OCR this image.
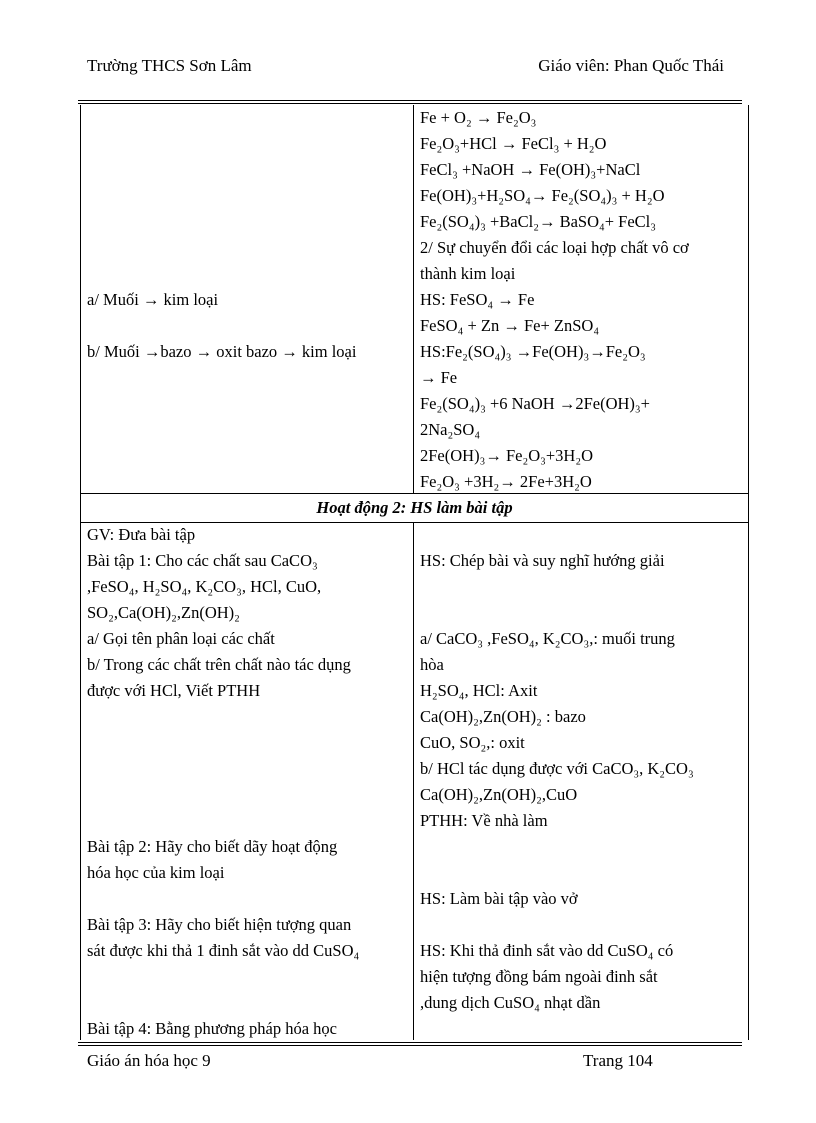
Trường THCS Sơn Lâm	Giáo viên: Phan Quốc Thái
Fe + O₂ → Fe₂O₃
Fe₂O₃+HCl → FeCl₃ + H₂O
FeCl₃ +NaOH → Fe(OH)₃+NaCl
Fe(OH)₃+H₂SO₄→ Fe₂(SO₄)₃ + H₂O
Fe₂(SO₄)₃ +BaCl₂→ BaSO₄+ FeCl₃
2/ Sự chuyển đổi các loại hợp chất vô cơ
thành kim loại
HS: FeSO₄ → Fe
FeSO₄ + Zn → Fe+ ZnSO₄
HS:Fe₂(SO₄)₃ →Fe(OH)₃→Fe₂O₃
→ Fe
Fe₂(SO₄)₃ +6 NaOH →2Fe(OH)₃+
2Na₂SO₄
2Fe(OH)₃→ Fe₂O₃+3H₂O
Fe₂O₃ +3H₂→ 2Fe+3H₂O
a/ Muối → kim loại
b/ Muối →bazo → oxit bazo → kim loại
Hoạt động 2: HS làm bài tập
GV: Đưa bài tập
Bài tập 1: Cho các chất sau CaCO₃
,FeSO₄, H₂SO₄, K₂CO₃, HCl, CuO,
SO₂,Ca(OH)₂,Zn(OH)₂
a/ Gọi tên phân loại các chất
b/ Trong các chất trên chất nào tác dụng
được với HCl, Viết PTHH
Bài tập 2: Hãy cho biết dãy hoạt động
hóa học của kim loại
Bài tập 3: Hãy cho biết hiện tượng quan
sát được khi thả 1 đinh sắt vào dd CuSO₄
Bài tập 4: Bằng phương pháp hóa học
HS: Chép bài và suy nghĩ hướng giải
a/ CaCO₃ ,FeSO₄, K₂CO₃,: muối trung
hòa
H₂SO₄, HCl: Axit
Ca(OH)₂,Zn(OH)₂ : bazo
CuO, SO₂,: oxit
b/ HCl tác dụng được với CaCO₃, K₂CO₃
Ca(OH)₂,Zn(OH)₂,CuO
PTHH: Về nhà làm
HS: Làm bài tập vào vở
HS: Khi thả đinh sắt vào dd CuSO₄ có
hiện tượng đồng bám ngoài đinh sắt
,dung dịch CuSO₄ nhạt dần
Giáo án hóa học 9	Trang 104
